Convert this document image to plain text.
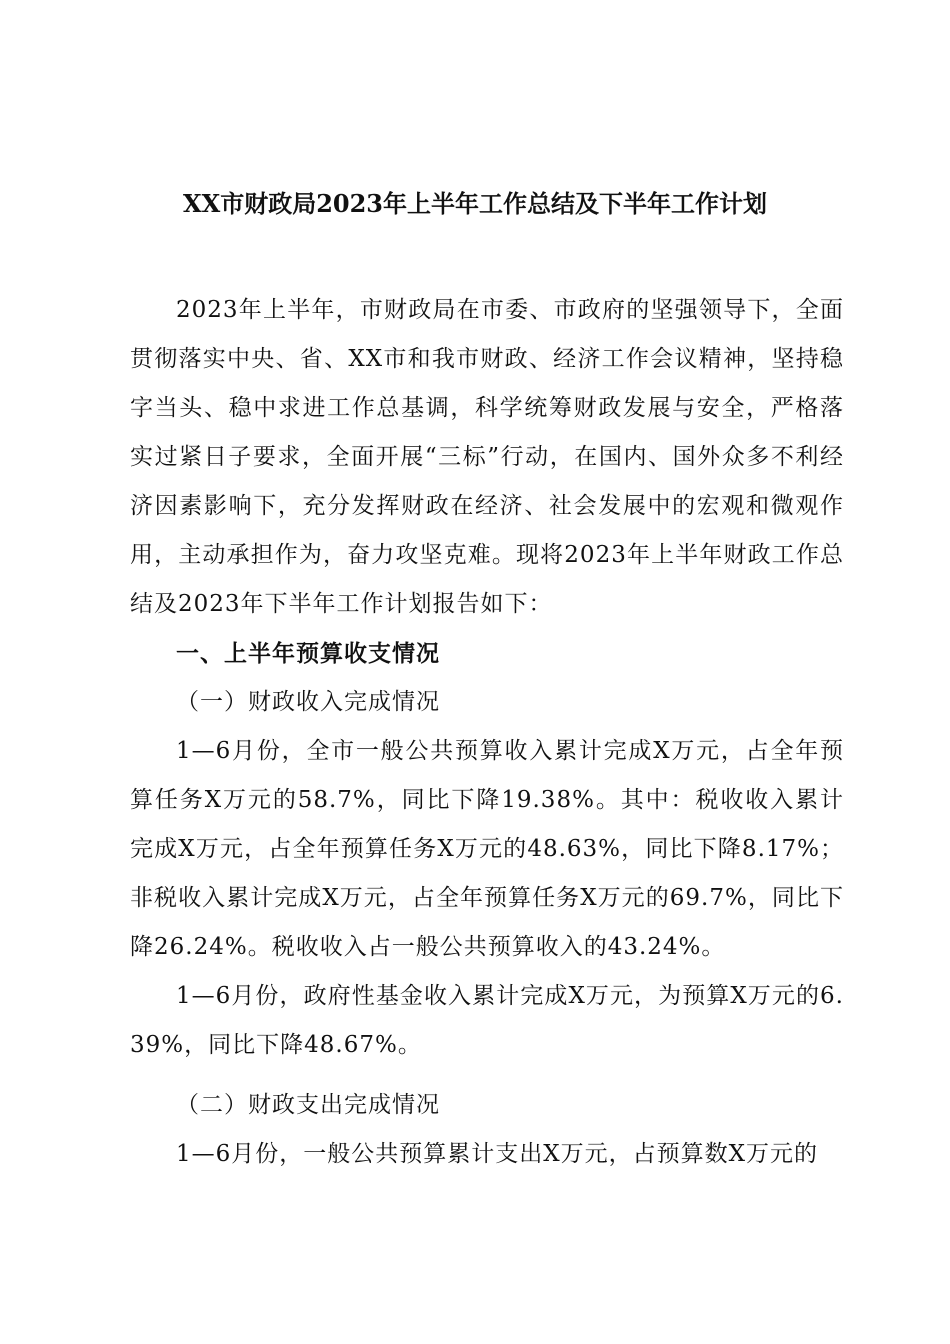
XX市财政局2023年上半年工作总结及下半年工作计划

2023年上半年，市财政局在市委、市政府的坚强领导下，全面贯彻落实中央、省、XX市和我市财政、经济工作会议精神，坚持稳字当头、稳中求进工作总基调，科学统筹财政发展与安全，严格落实过紧日子要求，全面开展“三标”行动，在国内、国外众多不利经济因素影响下，充分发挥财政在经济、社会发展中的宏观和微观作用，主动承担作为，奋力攻坚克难。现将2023年上半年财政工作总结及2023年下半年工作计划报告如下：

一、上半年预算收支情况

（一）财政收入完成情况

1—6月份，全市一般公共预算收入累计完成X万元，占全年预算任务X万元的58.7%，同比下降19.38%。其中：税收收入累计完成X万元，占全年预算任务X万元的48.63%，同比下降8.17%；非税收入累计完成X万元，占全年预算任务X万元的69.7%，同比下降26.24%。税收收入占一般公共预算收入的43.24%。

1—6月份，政府性基金收入累计完成X万元，为预算X万元的6.39%，同比下降48.67%。

（二）财政支出完成情况

1—6月份，一般公共预算累计支出X万元，占预算数X万元的
